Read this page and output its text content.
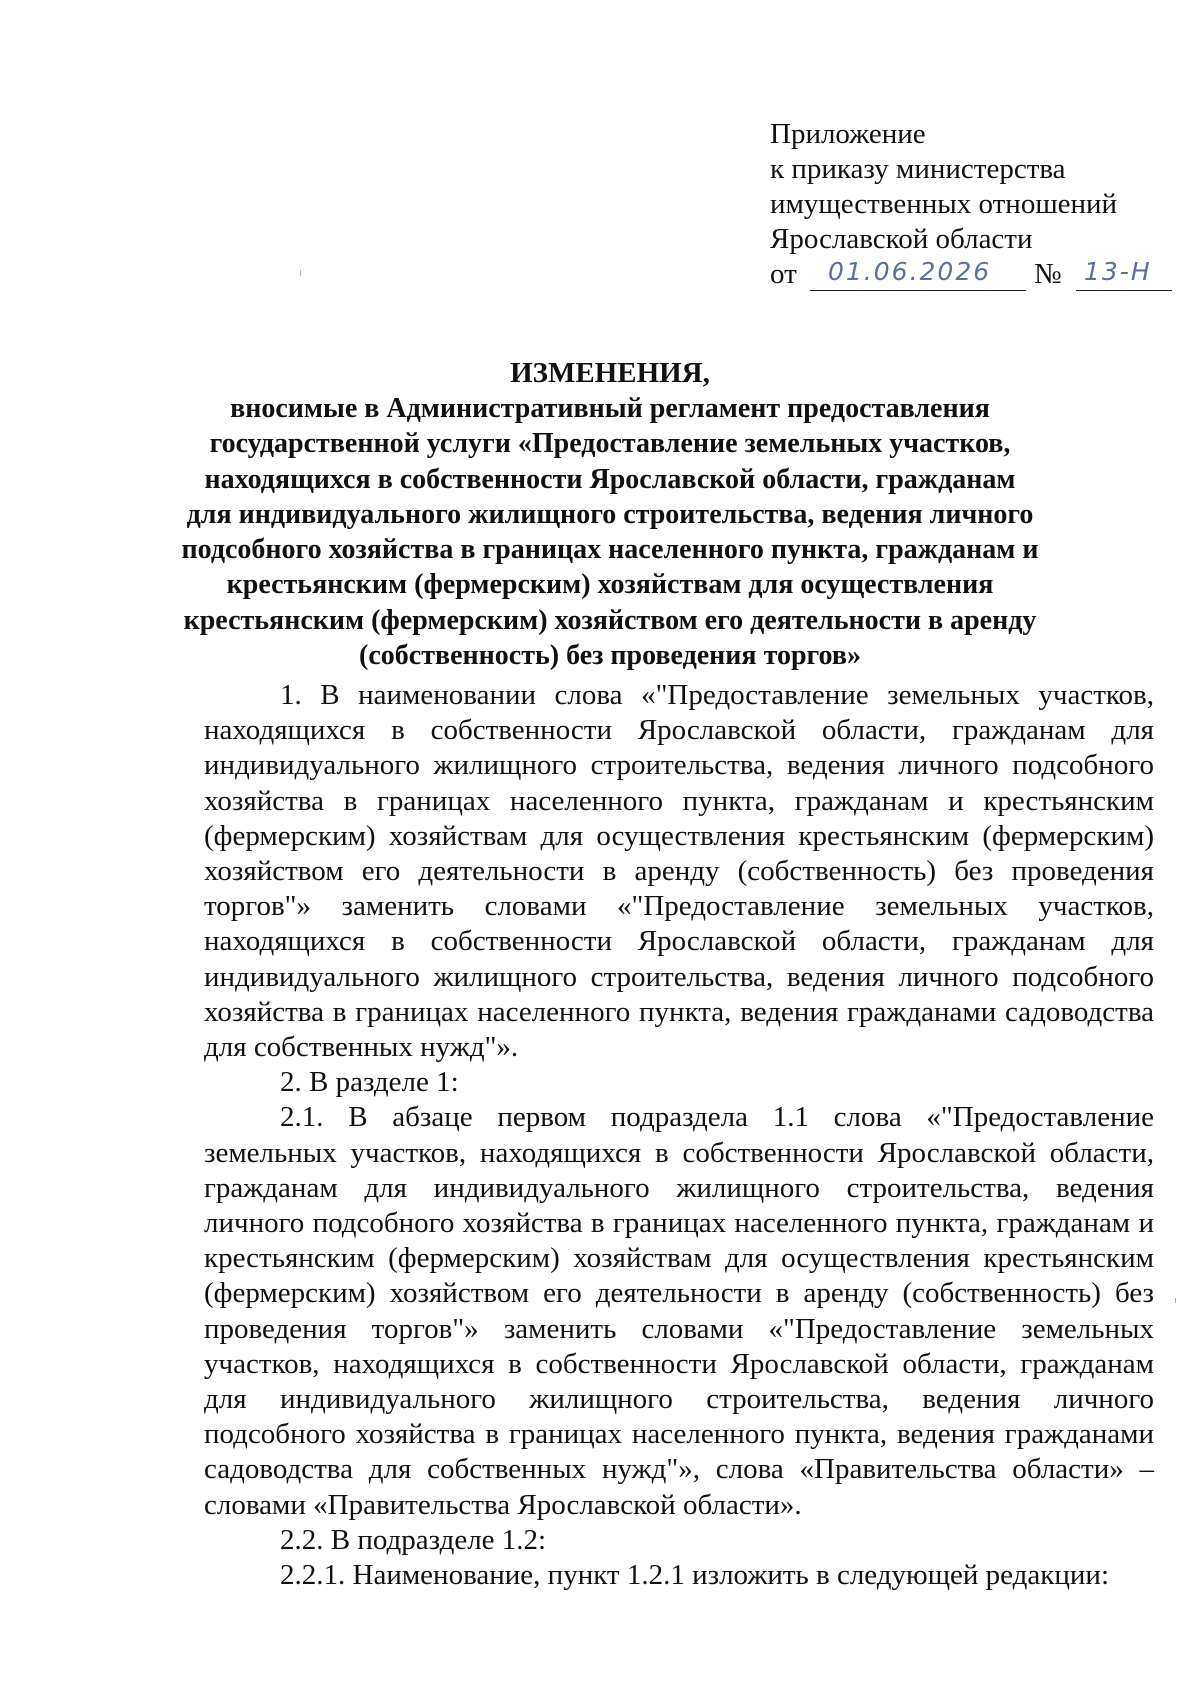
Приложение
к приказу министерства
имущественных отношений
Ярославской области
от 01.06.2026 № 13-Н
ИЗМЕНЕНИЯ,
вносимые в Административный регламент предоставления государственной услуги «Предоставление земельных участков, находящихся в собственности Ярославской области, гражданам для индивидуального жилищного строительства, ведения личного подсобного хозяйства в границах населенного пункта, гражданам и крестьянским (фермерским) хозяйствам для осуществления крестьянским (фермерским) хозяйством его деятельности в аренду (собственность) без проведения торгов»

1. В наименовании слова «"Предоставление земельных участков, находящихся в собственности Ярославской области, гражданам для индивидуального жилищного строительства, ведения личного подсобного хозяйства в границах населенного пункта, гражданам и крестьянским (фермерским) хозяйствам для осуществления крестьянским (фермерским) хозяйством его деятельности в аренду (собственность) без проведения торгов"» заменить словами «"Предоставление земельных участков, находящихся в собственности Ярославской области, гражданам для индивидуального жилищного строительства, ведения личного подсобного хозяйства в границах населенного пункта, ведения гражданами садоводства для собственных нужд"».

2. В разделе 1:

2.1. В абзаце первом подраздела 1.1 слова «"Предоставление земельных участков, находящихся в собственности Ярославской области, гражданам для индивидуального жилищного строительства, ведения личного подсобного хозяйства в границах населенного пункта, гражданам и крестьянским (фермерским) хозяйствам для осуществления крестьянским (фермерским) хозяйством его деятельности в аренду (собственность) без проведения торгов"» заменить словами «"Предоставление земельных участков, находящихся в собственности Ярославской области, гражданам для индивидуального жилищного строительства, ведения личного подсобного хозяйства в границах населенного пункта, ведения гражданами садоводства для собственных нужд"», слова «Правительства области» – словами «Правительства Ярославской области».

2.2. В подразделе 1.2:

2.2.1. Наименование, пункт 1.2.1 изложить в следующей редакции:
